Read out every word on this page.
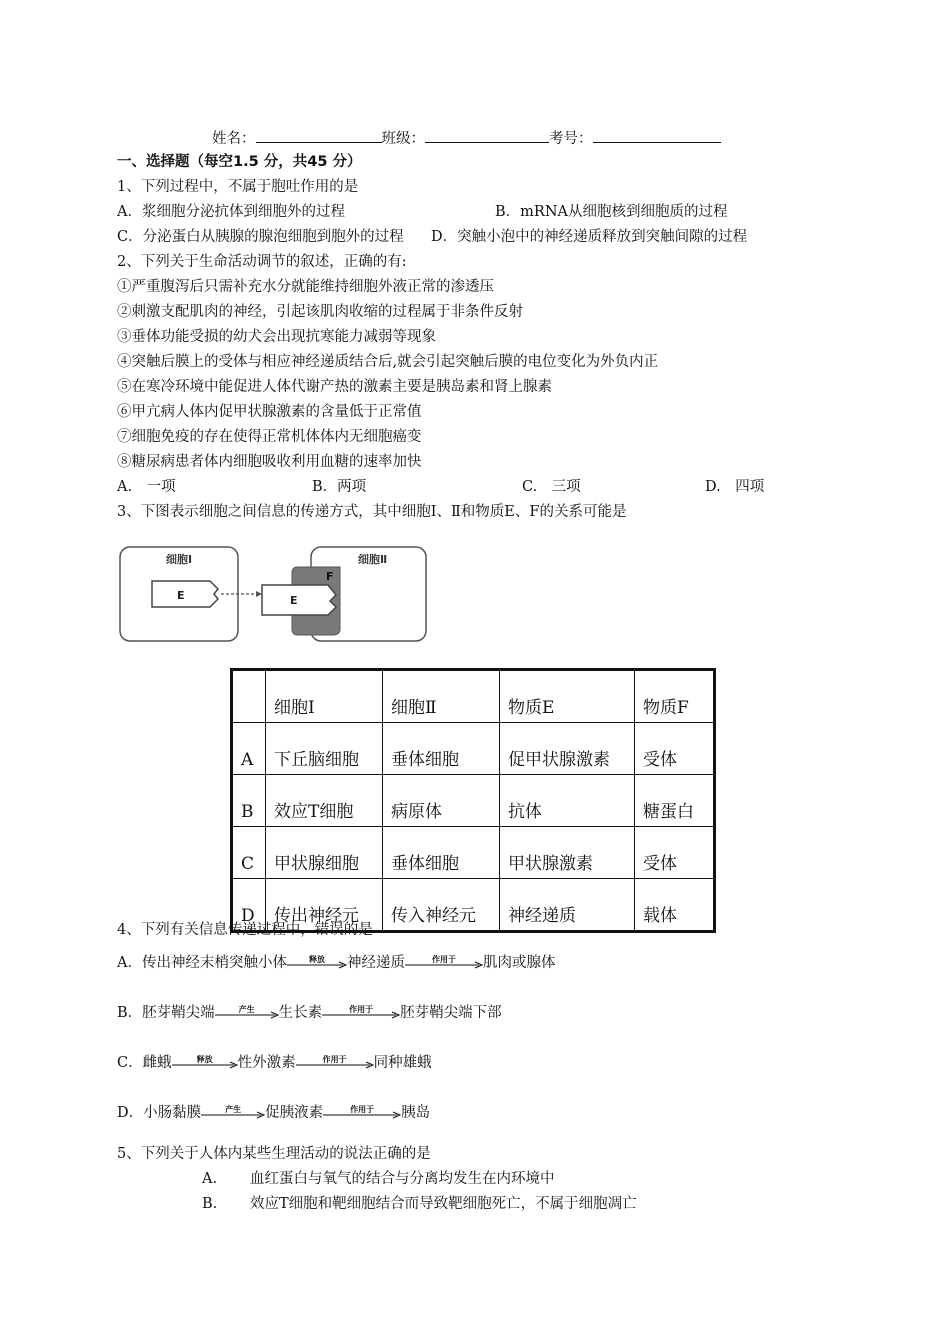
姓名：	班级：	考号：
一、选择题（每空1.5 分，共45 分）
1、下列过程中，不属于胞吐作用的是
A．浆细胞分泌抗体到细胞外的过程	B．mRNA从细胞核到细胞质的过程
C．分泌蛋白从胰腺的腺泡细胞到胞外的过程 D．突触小泡中的神经递质释放到突触间隙的过程
2、下列关于生命活动调节的叙述，正确的有:
①严重腹泻后只需补充水分就能维持细胞外液正常的渗透压
②刺激支配肌肉的神经，引起该肌肉收缩的过程属于非条件反射
③垂体功能受损的幼犬会出现抗寒能力减弱等现象
④突触后膜上的受体与相应神经递质结合后,就会引起突触后膜的电位变化为外负内正
⑤在寒冷环境中能促进人体代谢产热的激素主要是胰岛素和肾上腺素
⑥甲亢病人体内促甲状腺激素的含量低于正常值
⑦细胞免疫的存在使得正常机体体内无细胞癌变
⑧糖尿病患者体内细胞吸收利用血糖的速率加快
A.　一项	B．两项	C.　三项	D.　四项
3、下图表示细胞之间信息的传递方式，其中细胞Ⅰ、Ⅱ和物质E、F的关系可能是
细胞Ⅰ
E
细胞Ⅱ
F
E
	细胞Ⅰ	细胞Ⅱ	物质E	物质F
A	下丘脑细胞	垂体细胞	促甲状腺激素	受体
B	效应T细胞	病原体	抗体	糖蛋白
C	甲状腺细胞	垂体细胞	甲状腺激素	受体
D	传出神经元	传入神经元	神经递质	载体
4、下列有关信息传递过程中，错误的是
A． 传出神经末梢突触小体	释放	神经递质	作用于	肌肉或腺体
B． 胚芽鞘尖端	产生	生长素	作用于	胚芽鞘尖端下部
C． 雌蛾	释放	性外激素	作用于	同种雄蛾
D． 小肠黏膜	产生	促胰液素	作用于	胰岛
5、下列关于人体内某些生理活动的说法正确的是
A. 血红蛋白与氧气的结合与分离均发生在内环境中
B. 效应T细胞和靶细胞结合而导致靶细胞死亡，不属于细胞凋亡
